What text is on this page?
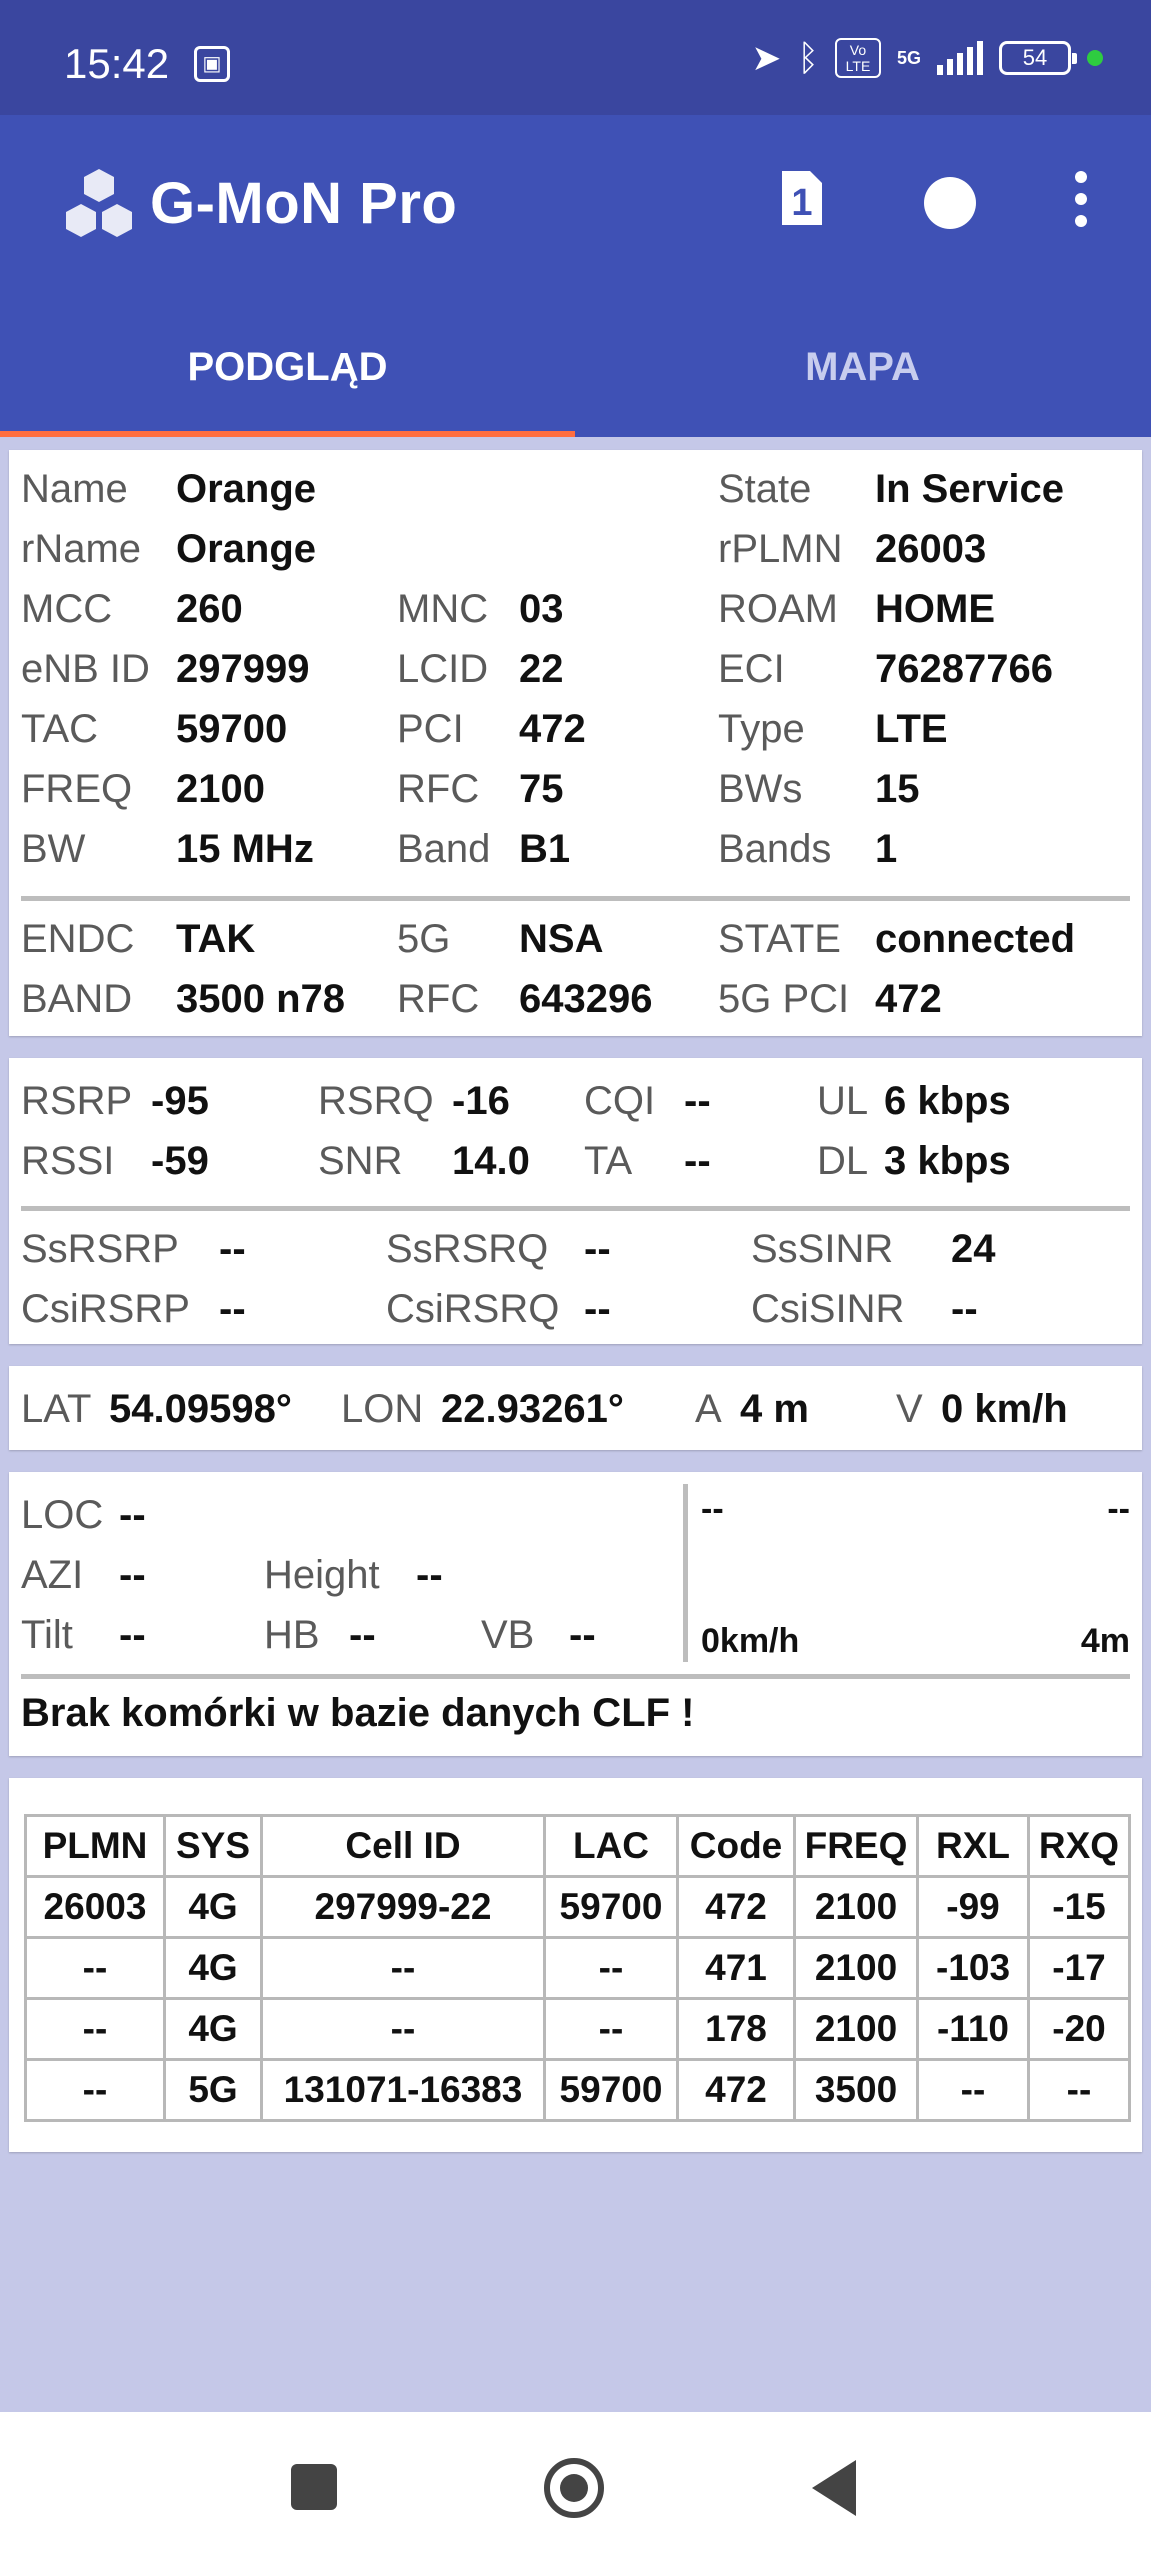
15:42	▣	➤ ᛒ	Vo LTE	5G	54
G-MoN Pro	1
PODGLĄD	MAPA
Name Orange	State In Service
rName Orange	rPLMN 26003
MCC 260	MNC 03	ROAM HOME
eNB ID 297999 LCID 22	ECI 76287766
TAC 59700	PCI 472	Type LTE
FREQ 2100	RFC 75	BWs 15
BW 15 MHz Band B1	Bands 1
ENDC TAK	5G NSA	STATE connected
BAND 3500 n78 RFC 643296 5G PCI 472
RSRP -95	RSRQ -16 CQI --	UL 6 kbps
RSSI -59	SNR 14.0 TA --	DL 3 kbps
SsRSRP --	SsRSRQ --	SsSINR 24
CsiRSRP --	CsiRSRQ --	CsiSINR --
LAT 54.09598° LON 22.93261° A 4 m V 0 km/h
LOC --
AZI --	Height --
Tilt --	HB --	VB --
--	--
0km/h	4m
Brak komórki w bazie danych CLF !
PLMN	SYS	Cell ID	LAC	Code	FREQ	RXL	RXQ
26003	4G	297999-22	59700	472	2100	-99	-15
--	4G	--	--	471	2100	-103	-17
--	4G	--	--	178	2100	-110	-20
--	5G	131071-16383	59700	472	3500	--	--
